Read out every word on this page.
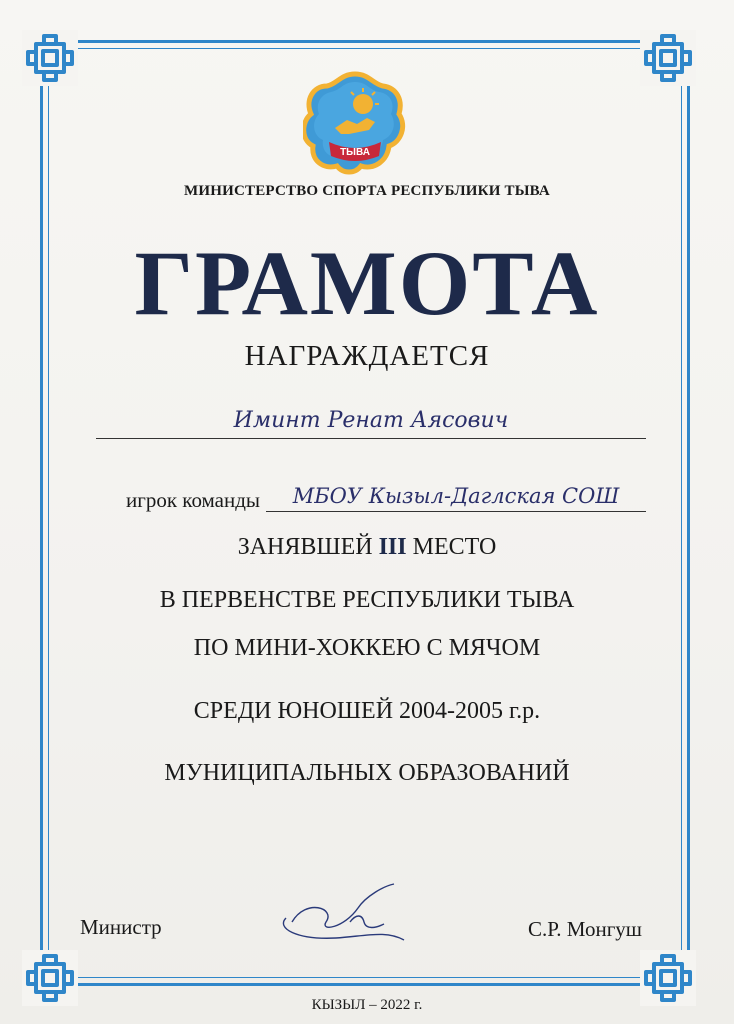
ТЫВА
МИНИСТЕРСТВО СПОРТА РЕСПУБЛИКИ ТЫВА
ГРАМОТА
НАГРАЖДАЕТСЯ
Иминт Ренат Аясович
игрок команды	МБОУ Кызыл-Даглская СОШ
ЗАНЯВШЕЙ III МЕСТО
В ПЕРВЕНСТВЕ РЕСПУБЛИКИ ТЫВА
ПО МИНИ-ХОККЕЮ С МЯЧОМ
СРЕДИ ЮНОШЕЙ 2004-2005 г.р.
МУНИЦИПАЛЬНЫХ ОБРАЗОВАНИЙ
Министр	С.Р. Монгуш
КЫЗЫЛ – 2022 г.
